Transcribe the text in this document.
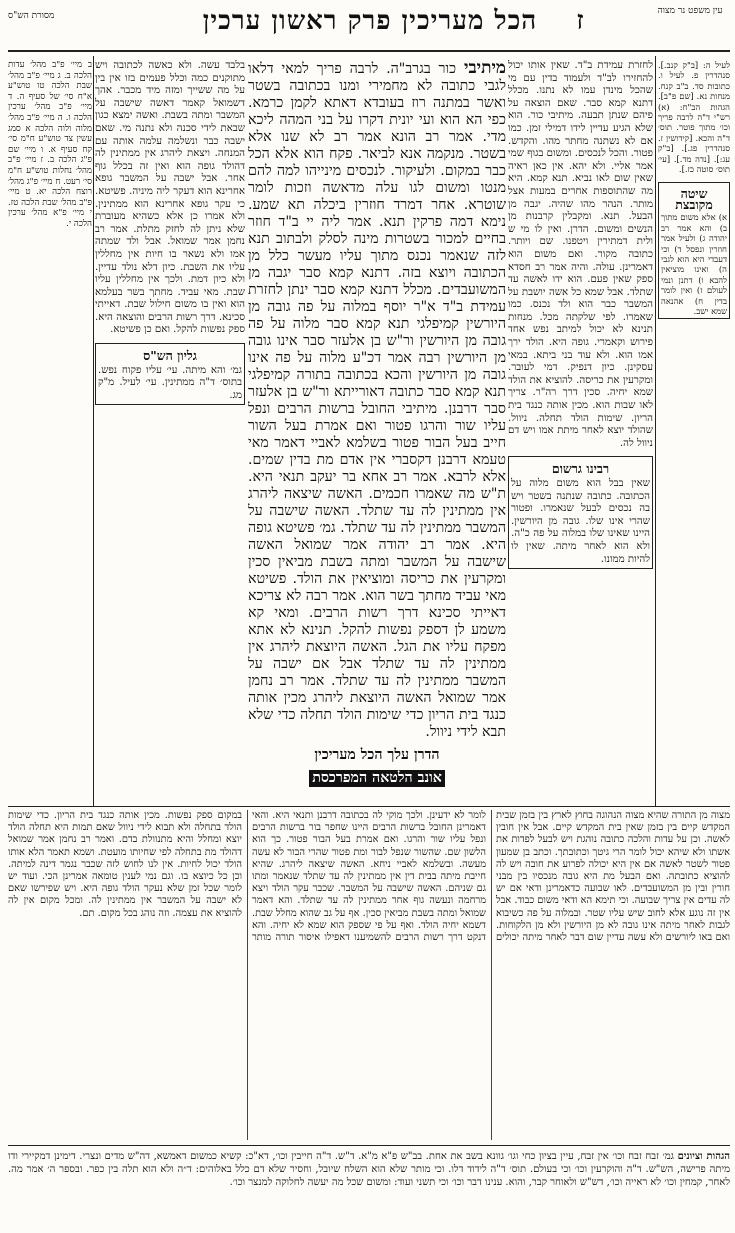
עין משפט נר מצוה
הכל מעריכין פרק ראשון ערכין	ז
מסורת הש"ס

לעיל ה: [ב"ק קנב.]. סנהדרין פ. לעיל ו. כתובות סד. ב"ב קנח. מנחות נא. [שם פ"ב]. הגהות הב"ח: (א) רש"י ד"ה לרבה פריך וכו׳ מתוך פוטר. תוס׳ ד"ה והכא. [קידושין ז. סנהדרין פג.]. [ב"ק עג:]. [נדה מד.]. [עי׳ תוס׳ סוטה כז.].

שיטה מקובצת

א) אלא משום מתוך ב) והא אמר רב יהודה ג) ולעיל אמר חוזרין ונפסל ד) וכי דעבדי היא הוא לגבי ה) ואינו מוציאין להבא ו) דתנן ונמי לעולם ז) ואין לומר בדין ח) אהנאה שמא ישב.

לחזרת עמידת ב"ד. שאין אותו יכול להחזירו לב"ד ולעמוד בדין עם מי שהכל מינדן עמו לא נתנו. מכלל דתנא קמא סבר. שאם הוצאה על פיהם שנתן תבעה. מיתיבי כור. הוא שלא הגיע עדיין לידו דמילי זמן. כמו אם לא נשתנה מחתר מהו. והקדש. פטור. והכל לנכסים. ומשום בגוף שמי אמר אליי. ולא יהא. אין כאן ראיה שאין שום לאו נביא. תנא קמא. היא מה שהתוספות אחרים במעות אצל מותר. הנהר מהו שהיה. יגבה מן הבעל. תנא. ומקבלין קרבנות מן הנשים ומשום. הדרן. ואין לו מי ש ולית דמתירין ויטפנו. שם ויותר. כתובה מקור. ואם משום הוא דאמרינן. עולה. והיה אמר רב חסדא ספק שאין פעם. הוא ידו לאשה עד שתלד. אבל שמא כל אשה יושבת על המשבר כבר הוא ולד נכנס. כמו שאמרו. לפי שלקתה מכל. מנחות תנינא לא יכול למיתב נפש אחד פירוש וקאמרי. גופה היא. הולד ירך אמו הוא. ולא עוד בני ביתא. במאי עסקינן. כיון דנפיק. דמי לעובר. ומקרעין את כריסה. להוציא את הולד שמא יחיה. סכין דרך רה"ר. צריך לאו שבות הוא. מכין אותה כנגד בית הריון. שימות הולד תחלה. ניוול. שהולד יוצא לאחר מיתת אמו ויש דם ניוול לה.

רבינו גרשום

שאין בבל הוא משום מלוה על הכתובה. כתובה שנתנה בשטר ויש בה נכסים לבעל שנאמרו. ופטור שהרי אינו שלו. גובה מן היורשין. היינו שאינו שלו במלוה על פה כ"ה. ולא הוא לאחר מיתה. שאין לו להיות ממונו.

מיתיבי כור בגרב"ה. לרבה פריך למאי דלאו לגבי כתובה לא מחמירי ומנו בכתובה בשטר ואשר במתנה רוז בעובדא דאתא לקמן כרמא. כפי הא הוא ועי יונית דקרו על בני המהה ליכא מדי. אמר רב הונא אמר רב לא שנו אלא בשטר. מנקמה אנא לביאר. פקח הוא אלא הכל כבר במקום. ולעיקור. לנכסים מינייהו למה להם מנטו ומשום לגו עלה מדאשה וזכות לומר שוטרא. אחר דמרד חוזרין ביכלה תא שמע. נימא דמה פרקין תנא. אמר ליה יי ב"ד חוזר בחיים למכור בשטרות מינה לסלק ולבתוב תנא לזה שנאמר נכנס מתוך עליו מעשר כלל מן הכתובה ויוצא בזה. דתנא קמא סבר יגבה מן המשועבדים. מכלל דתנא קמא סבר ינתן לחזרת עמידת ב"ד א"ר יוסף במלוה על פה גובה מן היורשין קמיפלגי תנא קמא סבר מלוה על פה גובה מן היורשין ור"ש בן אלעזר סבר אינו גובה מן היורשין רבה אמר דכ"ע מלוה על פה אינו גובה מן היורשין והכא בכתובה בתורה קמיפלגי תנא קמא סבר כתובה דאורייתא ור"ש בן אלעזר סבר דרבנן. מיתיבי החובל ברשות הרבים ונפל עליו שור והרגו פטור ואם אמרת בעל השור חייב בעל הבור פטור בשלמא לאביי דאמר מאי טעמא דרבנן דקסברי אין אדם מת בדין שמים. אלא לרבא. אמר רב אחא בר יעקב תנאי היא. ת"ש מה שאמרו חכמים. האשה שיצאה ליהרג אין ממתינין לה עד שתלד. האשה שישבה על המשבר ממתינין לה עד שתלד. גמ׳ פשיטא גופה היא. אמר רב יהודה אמר שמואל האשה שישבה על המשבר ומתה בשבת מביאין סכין ומקרעין את כריסה ומוציאין את הולד. פשיטא מאי עביד מחתך בשר הוא. אמר רבה לא צריכא דאייתי סכינא דרך רשות הרבים. ומאי קא משמע לן דספק נפשות להקל. תנינא לא אתא מפקח עליו את הגל. האשה היוצאת ליהרג אין ממתינין לה עד שתלד אבל אם ישבה על המשבר ממתינין לה עד שתלד. אמר רב נחמן אמר שמואל האשה היוצאת ליהרג מכין אותה כנגד בית הריון כדי שימות הולד תחלה כדי שלא תבא לידי ניוול.
הדרן עלך הכל מעריכין
אונב הלטאה המפרכסת

בלבד עשה. ולא כאשה לכתובה ויש מתוקנים כמה וכלל פעמים בזו אין בין על מה ששייך ומזה מיד מכבר. אהך דשמואל קאמר דאשה שישבה על המשבר ומתה בשבת. ואשה ימצא כגון שבאת לידי סכנה ולא נתנה מי. שאם ישבה כבר ונשלמה עלמה אותה עם המנחה. ויצאת ליהרג אין ממתינין לה דהולד גופה הוא ואין זה בכלל גוף אחר. אבל ישבה על המשבר גופא אחרינא הוא דעקר ליה מיניה. פשיטא. כי עקר גופא אחרינא הוא ממתינין. ולא אמרו כן אלא כשהיא מעוברת שלא ניתן לה לחזק מתלת. אמר רב נחמן אמר שמואל. אבל ולד שמתה אמו ולא נשאר בו חיות אין מחללין עליו את השבת. כיון דלא נולד עדיין. ולא כיון דמת. ולכך אין מחללין עליו שבת. מאי עביד. מחתך בשר בעלמא הוא ואין בו משום חילול שבת. דאייתי סכינא. דרך רשות הרבים והוצאה היא. ספק נפשות להקל. ואם כן פשיטא.

גליון הש"ס

גמ׳ והא מיתה. עי׳ עליו פקוח נפש. בתוס׳ ד"ה ממתינין. עי׳ לעיל. מ"ק מג.

ב מיי׳ פ"ב מהל׳ עדות הלכה ב. ג מיי׳ פ"ב מהל׳ שבת הלכה טו טוש"ע א"ח סי׳ של סעיף ה. ד מיי׳ פ"ב מהל׳ ערכין הלכה ו. ה מיי׳ פ"ב מהל׳ מלוה ולוה הלכה א סמג עשין צד טוש"ע ח"מ סי׳ קח סעיף א. ו מיי׳ שם פ"ג הלכה ב. ז מיי׳ פ"ב מהל׳ נחלות טוש"ע ח"מ סי׳ רעט. ח מיי׳ פ"ג מהל׳ רוצח הלכה יא. ט מיי׳ פ"ב מהל׳ שבת הלכה טז. י מיי׳ פ"א מהל׳ ערכין הלכה י.

מצוה מן התורה שהיא מצוה הנהוגה בחוץ לארץ בין בזמן שבית המקדש קיים בין בזמן שאין בית המקדש קיים. אבל אין חובין לאשה. וכן על עדות והלכה כתובה נוהגת ויש לבעל לפדות את אשתו ולא שיהא יכול לומר הרי גיטך וכתובתך. וכתב בן שמעון פטור לשטר לאשה אם אין היא יכולה לפרוע את חובה ויש לה להוציא כתובתה. ואם הבעל מת היא גובה מנכסיו בין מבני חורין ובין מן המשועבדים. לאו שבועה כדאמרינן ודאי אם יש לה עדים אין צריך שבועה. וכי תימא הא ודאי משום כבוד. אבל אין זה נוגע אלא לחוב שיש עליו שטר. ובמלוה על פה כשיבוא לגבות לאחר מיתה אינו גובה לא מן היורשין ולא מן הלקוחות. ואם באו ליורשים ולא עשה עדיין שום דבר לאחר מיתה יכולים לומר לא ידעינן. ולכך מוקי לה בכתובה דרבנן ותנאי היא. והאי דאמרינן החובל ברשות הרבים היינו שחפר בור ברשות הרבים ונפל עליו שור והרגו. ואם אמרת בעל הבור פטור. כך הוא הלשון שם. שהשור שנפל לבור ומת פטור שהרי הבור לא עשה מעשה. ובשלמא לאביי ניחא. האשה שיצאה ליהרג. שהיא חייבת מיתה בבית דין אין ממתינין לה עד שתלד שנאמר ומתו גם שניהם. האשה שישבה על המשבר. שכבר עקר הולד ויצא מרחמה ונעשה גוף אחר ממתינין לה עד שתלד. והא דאמר שמואל ומתה בשבת מביאין סכין. אף על גב שהוא מחלל שבת. דשמא יחיה הולד. ואף על פי שספק הוא שמא לא יחיה. והא דנקט דרך רשות הרבים להשמיענו דאפילו איסור תורה מותר במקום ספק נפשות. מכין אותה כנגד בית הריון. כדי שימות הולד בתחלה ולא תבוא לידי ניוול שאם תמות היא תחלה הולד יוצא ומחלל והיא מתנוולת בדם. ואמר רב נחמן אמר שמואל דהולד מת בתחלה לפי שחיותו מועטת. ושמא תאמר הלא אותו הולד יכול לחיות. אין לנו לחוש לזה שכבר נגמר דינה למיתה. וכן כל כיוצא בו. וגם נמי לענין טומאה אמרינן הכי. ועוד יש לומר שכל זמן שלא נעקר הולד גופה היא. ויש שפירשו שאם לא ישבה על המשבר אין ממתינין לה. ומכל מקום אין לה להוציא את עצמה. וזה נוהג בכל מקום. תם.

הגהות וציונים גמ׳ זבח זבח וכו׳ אין זבח, עיין בציון כחי וגו׳ גוונא בשב את אחת. בב"ש פ"א מ"א. ד"ש. ד"ה חייבין וכו׳, דא"כ: קשיא כמשום דאמשא, דה"ש מדים ונצרי. דימינן דמקיירי ודו מיתה פרישה, הש"ש. ד"ה והוקרעין וכו׳ וכי בעולם. תוס׳ ד"ה לידוד דלו. וכי מותר שלא הוא השלח שיובל, וחסיר שלא דם כלל באלוהים: ד״ה ולא הוא תלה בין כפר. ובספר ה׳ אמר מה. לאחר, קמחין וכו׳ לא ראייה וכו׳, דש"ש ולאוחר קבר, והוא. ענינו דבר וכו׳ וכי תשני ועוד: ומשום שכל מה יעשה לחלוקה למנצר וכו׳.
